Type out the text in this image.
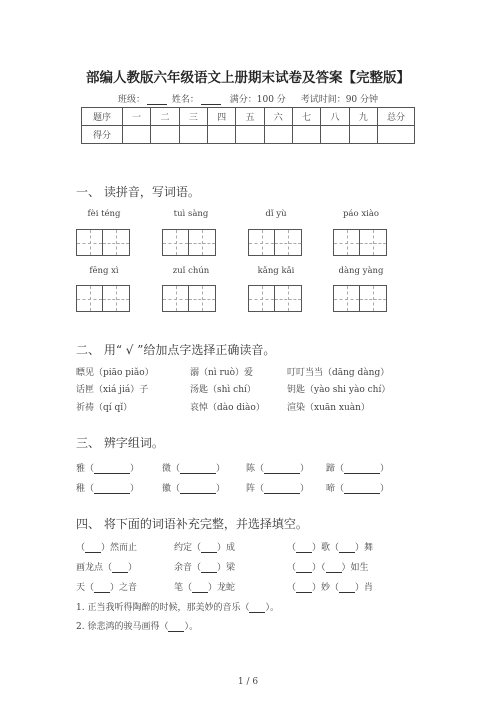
部编人教版六年级语文上册期末试卷及答案【完整版】
班级：	姓名：	满分：100 分 考试时间：90 分钟
题序	一	二	三	四	五	六	七	八	九	总分
得分										
一、 读拼音，写词语。
fèi téng	tuì sàng	dǐ yù	páo xiào
fēng xì	zuǐ chún	kǎng kǎi	dàng yàng
二、 用“ √ ”给加点字选择正确读音。
瞟见（piāo piǎo）	溺（nì ruò）爱	叮叮当当（dāng dàng）
话匣（xiá jiá）子	汤匙（shì chí）	钥匙（yào shi yào chí）
祈祷（qí qǐ）	哀悼（dào diào） 渲染（xuān xuàn）
三、 辨字组词。
雅（	）	微（	） 陈（	） 蹄（	）
稚（	）	徽（	） 阵（	） 啼（	）
四、 将下面的词语补充完整，并选择填空。
（ ）然而止	约定（ ）成	（ ）歌（ ）舞
画龙点（ ）	余音（ ）梁	（ ）（ ）如生
天（ ）之音	笔（ ）龙蛇	（ ）妙（ ）肖
1. 正当我听得陶醉的时候，那美妙的音乐（ ）。
2. 徐悲鸿的骏马画得（ ）。
1 / 6
